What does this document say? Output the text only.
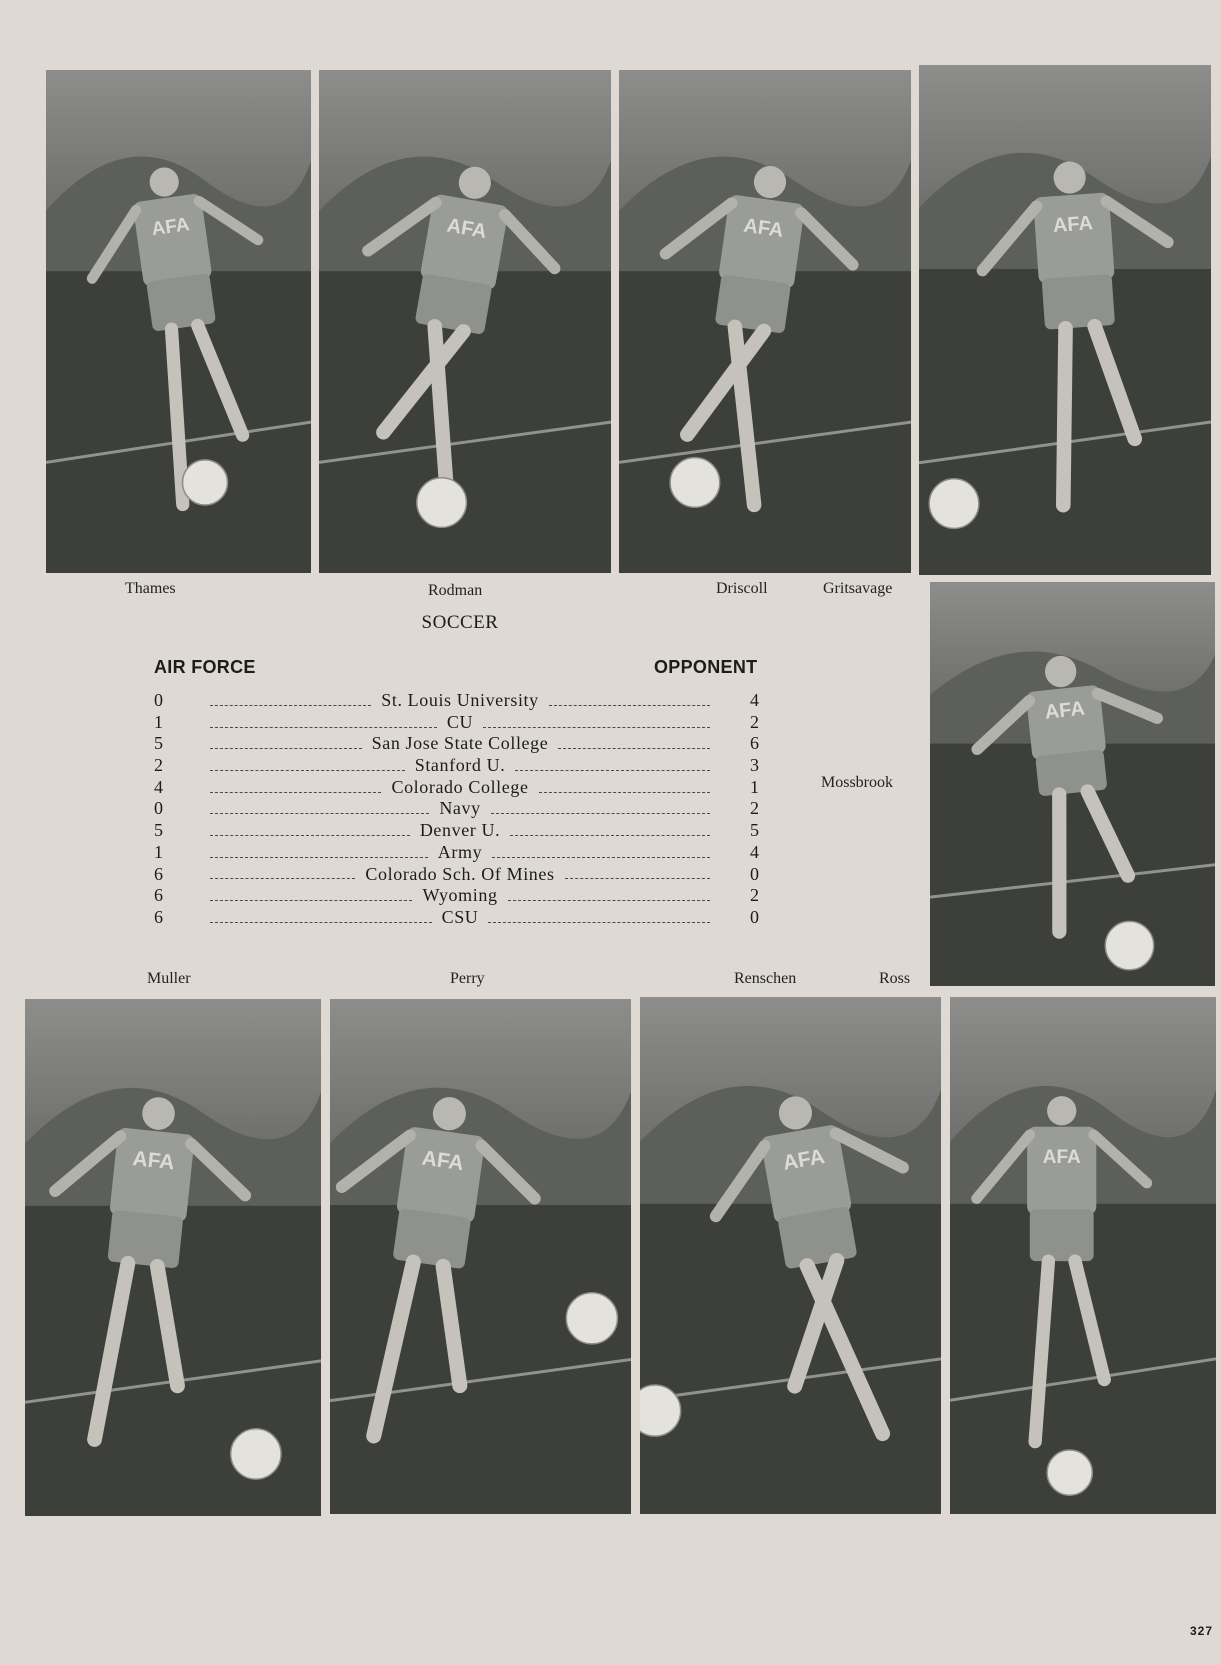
AFA	AFA	AFA	AFA
AFA
AFA	AFA	AFA	AFA
Thames	Rodman	Driscoll	Gritsavage
Mossbrook
Muller	Perry	Renschen	Ross
SOCCER
AIR FORCE	OPPONENT
0	St. Louis University	4
1	CU	2
5	San Jose State College	6
2	Stanford U.	3
4	Colorado College	1
0	Navy	2
5	Denver U.	5
1	Army	4
6	Colorado Sch. Of Mines	0
6	Wyoming	2
6	CSU	0
327
